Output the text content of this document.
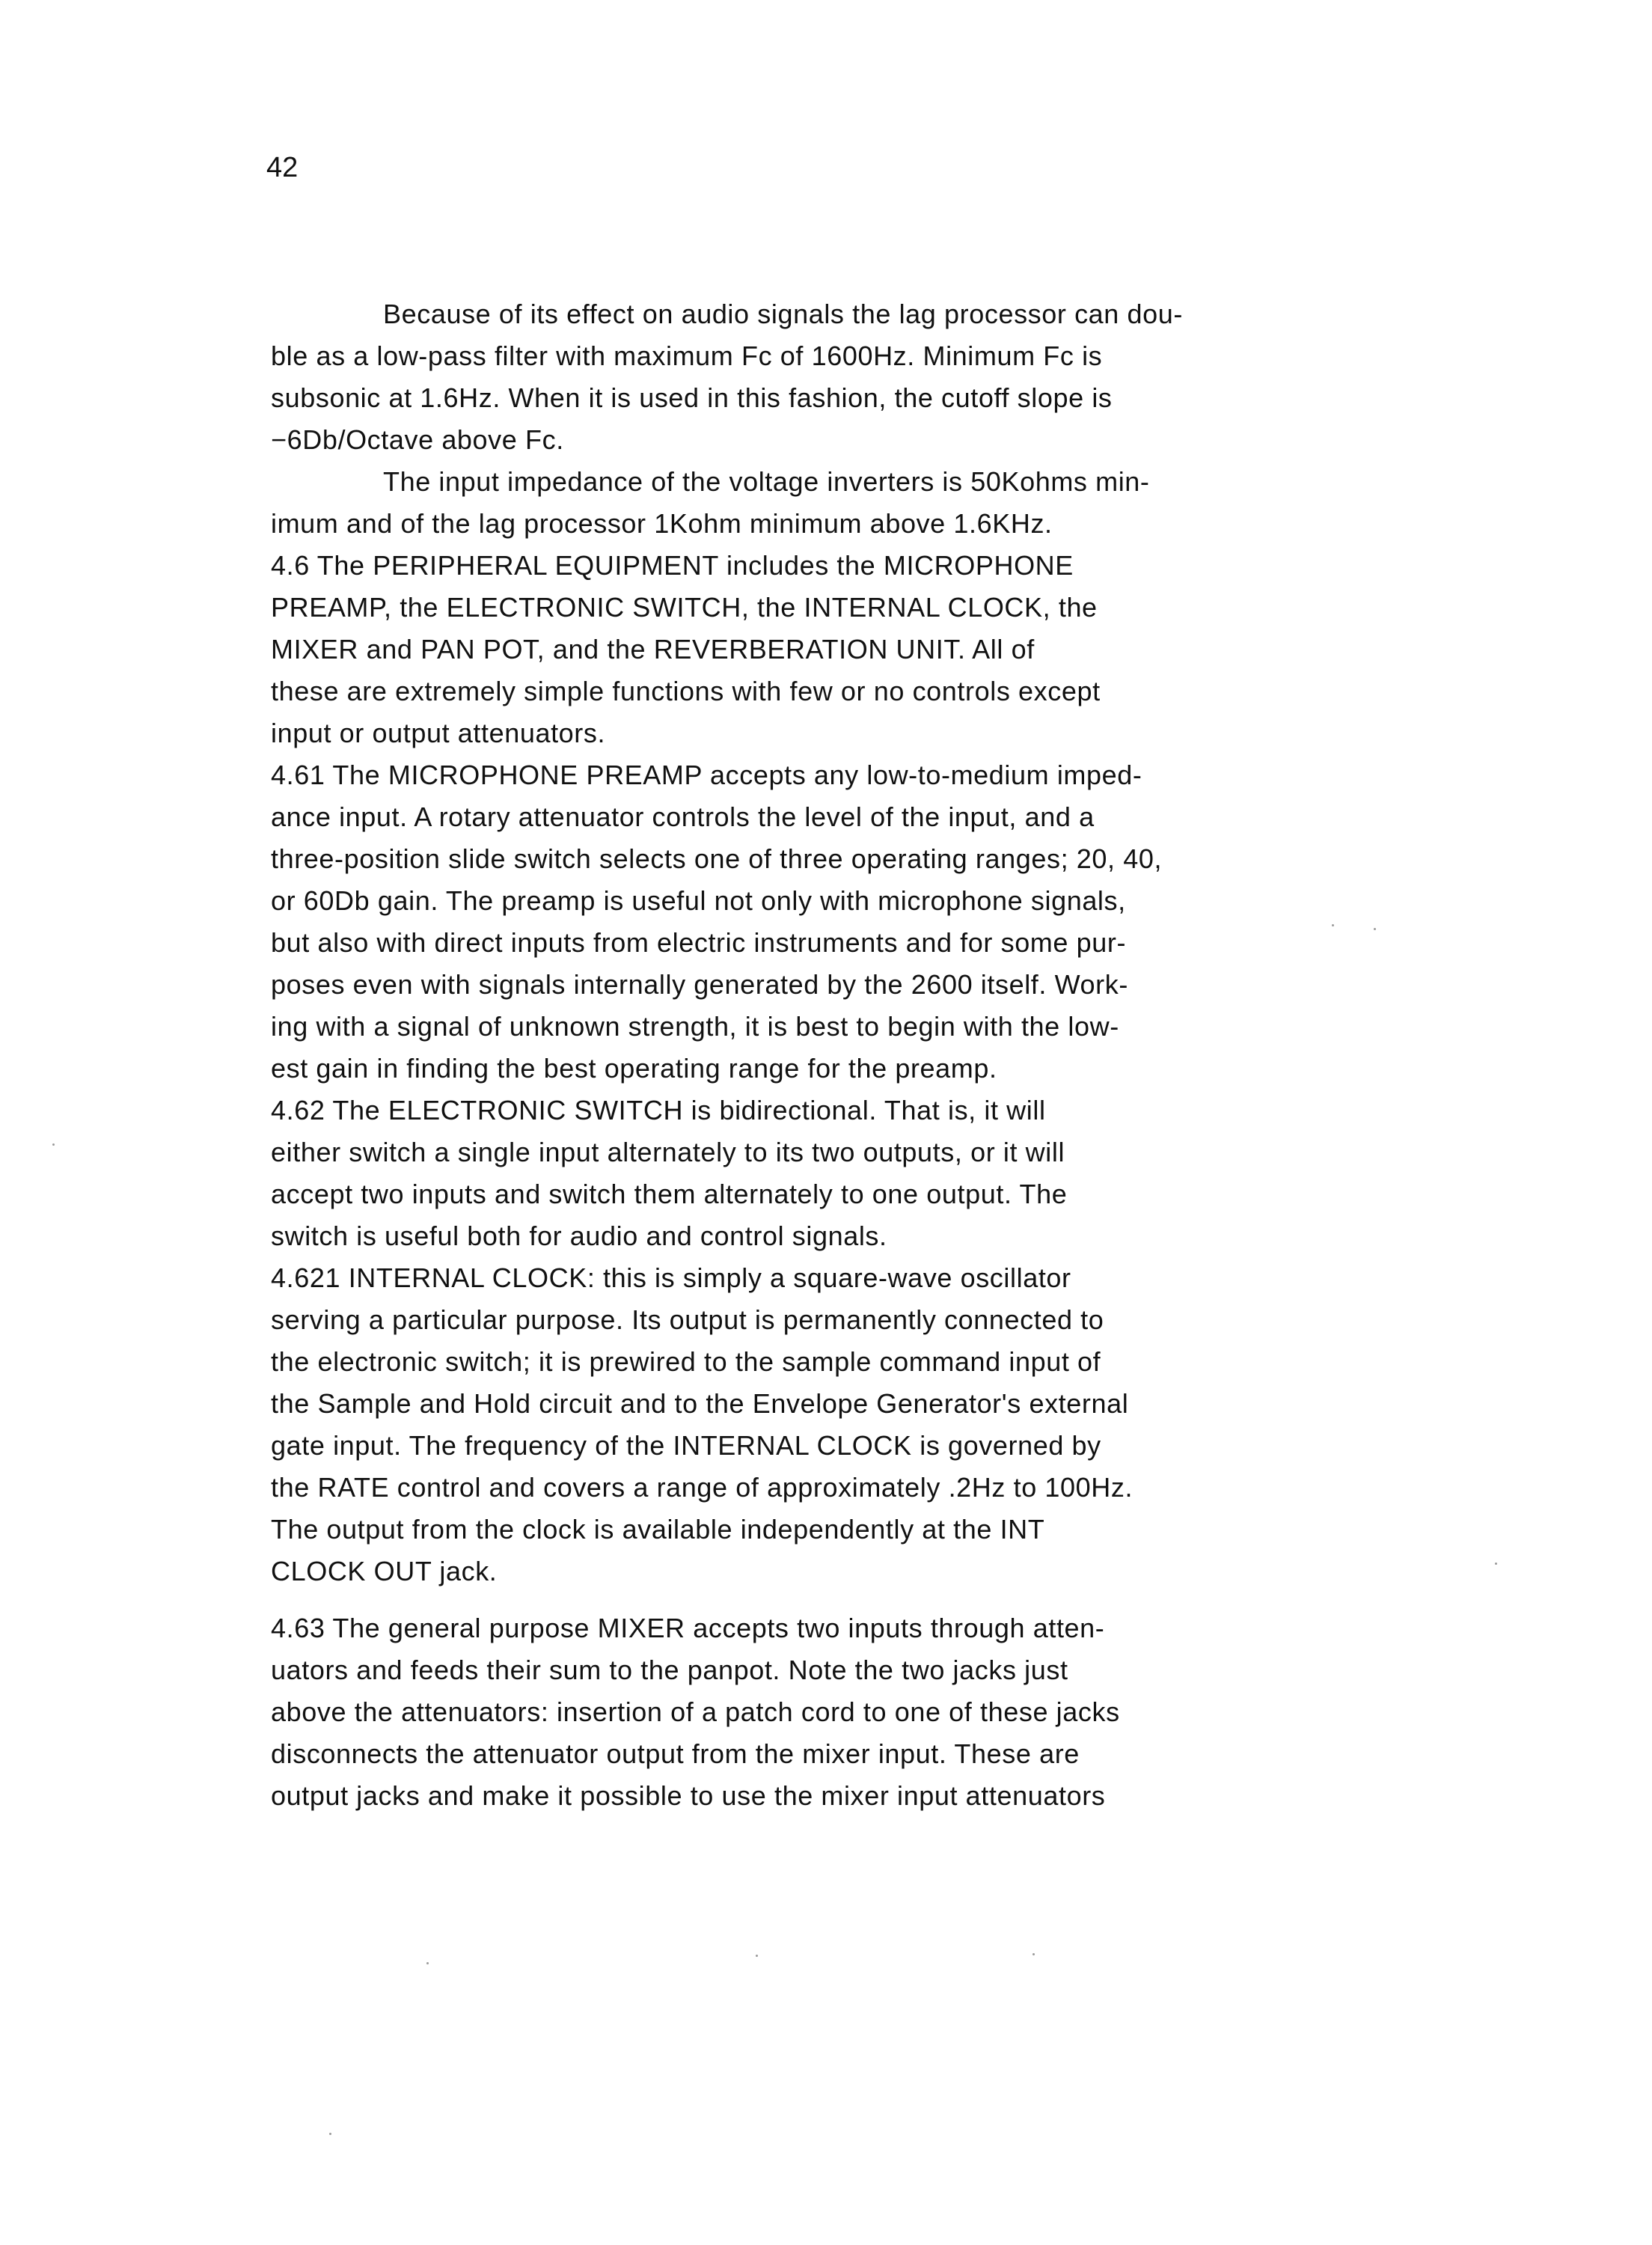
42

Because of its effect on audio signals the lag processor can dou-
ble as a low-pass filter with maximum Fc of 1600Hz. Minimum Fc is
subsonic at 1.6Hz. When it is used in this fashion, the cutoff slope is
−6Db/Octave above Fc.
The input impedance of the voltage inverters is 50Kohms min-
imum and of the lag processor 1Kohm minimum above 1.6KHz.
4.6 The PERIPHERAL EQUIPMENT includes the MICROPHONE
PREAMP, the ELECTRONIC SWITCH, the INTERNAL CLOCK, the
MIXER and PAN POT, and the REVERBERATION UNIT. All of
these are extremely simple functions with few or no controls except
input or output attenuators.
4.61 The MICROPHONE PREAMP accepts any low-to-medium imped-
ance input. A rotary attenuator controls the level of the input, and a
three-position slide switch selects one of three operating ranges; 20, 40,
or 60Db gain. The preamp is useful not only with microphone signals,
but also with direct inputs from electric instruments and for some pur-
poses even with signals internally generated by the 2600 itself. Work-
ing with a signal of unknown strength, it is best to begin with the low-
est gain in finding the best operating range for the preamp.
4.62 The ELECTRONIC SWITCH is bidirectional. That is, it will
either switch a single input alternately to its two outputs, or it will
accept two inputs and switch them alternately to one output. The
switch is useful both for audio and control signals.
4.621 INTERNAL CLOCK: this is simply a square-wave oscillator
serving a particular purpose. Its output is permanently connected to
the electronic switch; it is prewired to the sample command input of
the Sample and Hold circuit and to the Envelope Generator's external
gate input. The frequency of the INTERNAL CLOCK is governed by
the RATE control and covers a range of approximately .2Hz to 100Hz.
The output from the clock is available independently at the INT
CLOCK OUT jack.
4.63 The general purpose MIXER accepts two inputs through atten-
uators and feeds their sum to the panpot. Note the two jacks just
above the attenuators: insertion of a patch cord to one of these jacks
disconnects the attenuator output from the mixer input. These are
output jacks and make it possible to use the mixer input attenuators
